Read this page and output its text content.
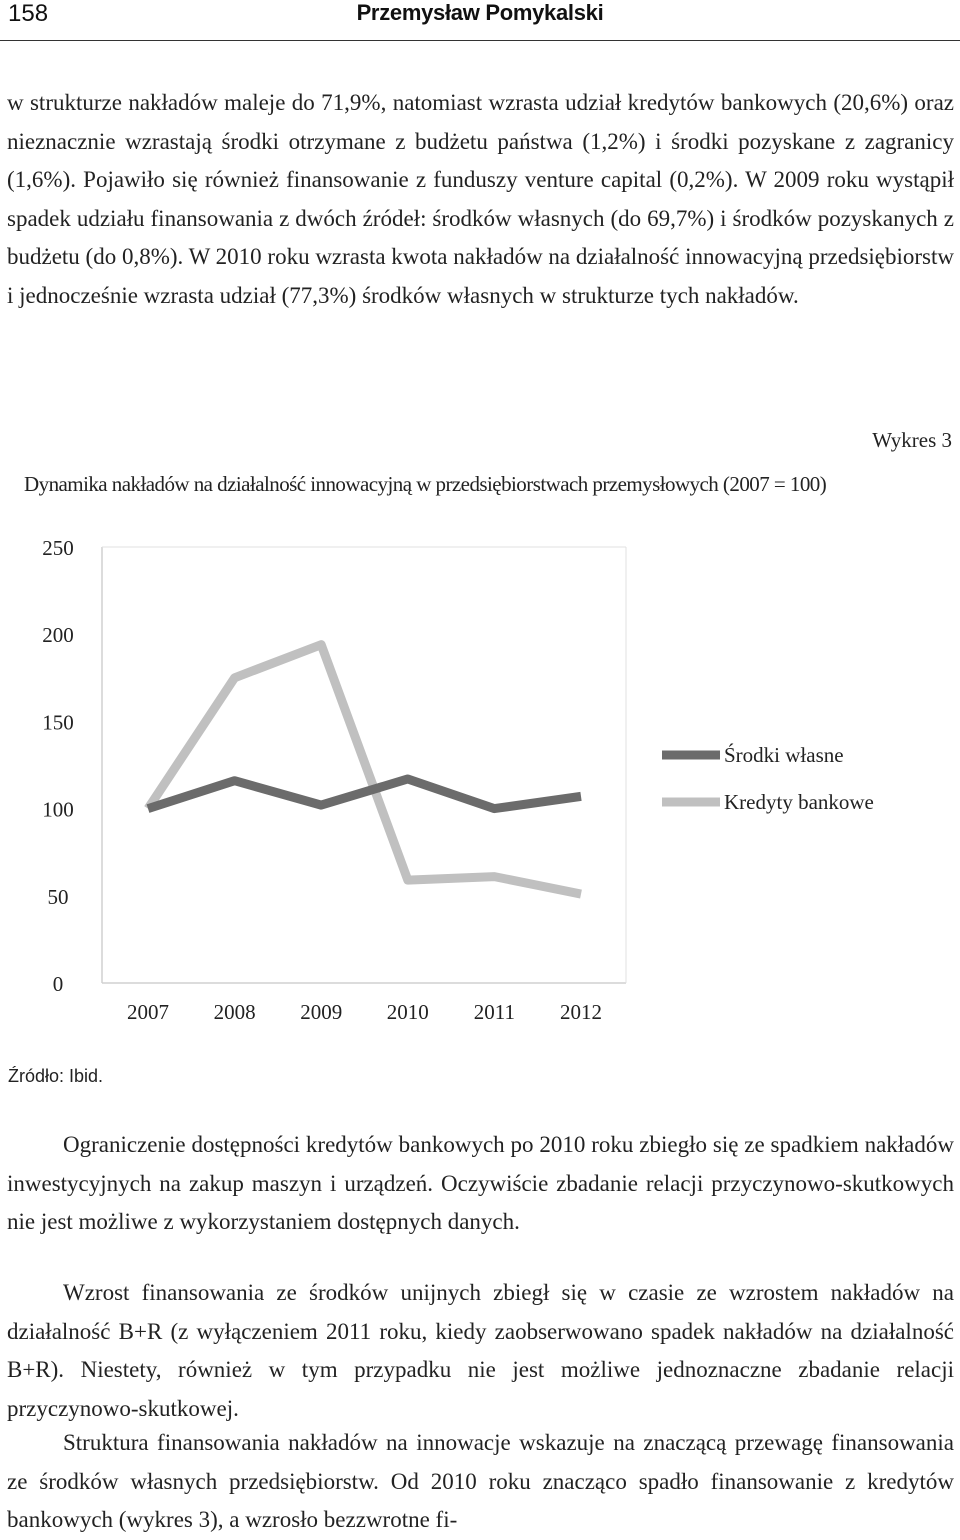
158	Przemysław Pomykalski

w strukturze nakładów maleje do 71,9%, natomiast wzrasta udział kredytów bankowych (20,6%) oraz nieznacznie wzrastają środki otrzymane z budżetu państwa (1,2%) i środki pozyskane z zagranicy (1,6%). Pojawiło się również finansowanie z funduszy venture capital (0,2%). W 2009 roku wystąpił spadek udziału finansowania z dwóch źródeł: środków własnych (do 69,7%) i środków pozyskanych z budżetu (do 0,8%). W 2010 roku wzrasta kwota nakładów na działalność innowacyjną przedsiębiorstw i jednocześnie wzrasta udział (77,3%) środków własnych w strukturze tych nakładów.

Wykres 3
Dynamika nakładów na działalność innowacyjną w przedsiębiorstwach przemysłowych (2007 = 100)
0
50
100
150
200
250
2007 2008 2009 2010 2011 2012
Środki własne
Kredyty bankowe
Źródło: Ibid.

Ograniczenie dostępności kredytów bankowych po 2010 roku zbiegło się ze spadkiem nakładów inwestycyjnych na zakup maszyn i urządzeń. Oczywiście zbadanie relacji przyczynowo-skutkowych nie jest możliwe z wykorzystaniem dostępnych danych.

Wzrost finansowania ze środków unijnych zbiegł się w czasie ze wzrostem nakładów na działalność B+R (z wyłączeniem 2011 roku, kiedy zaobserwowano spadek nakładów na działalność B+R). Niestety, również w tym przypadku nie jest możliwe jednoznaczne zbadanie relacji przyczynowo-skutkowej.

Struktura finansowania nakładów na innowacje wskazuje na znaczącą przewagę finansowania ze środków własnych przedsiębiorstw. Od 2010 roku znacząco spadło finansowanie z kredytów bankowych (wykres 3), a wzrosło bezzwrotne fi-
